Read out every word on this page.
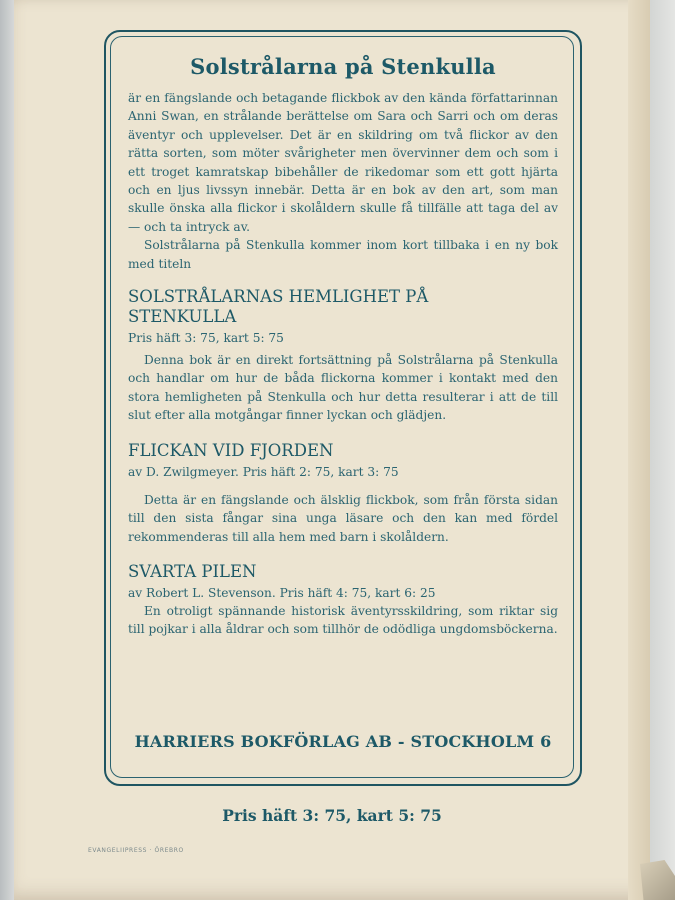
Solstrålarna på Stenkulla

är en fängslande och betagande flickbok av den kända författarinnan Anni Swan, en strålande berättelse om Sara och Sarri och om deras äventyr och upplevelser. Det är en skildring om två flickor av den rätta sorten, som möter svårigheter men övervinner dem och som i ett troget kamratskap bibehåller de rikedomar som ett gott hjärta och en ljus livssyn innebär. Detta är en bok av den art, som man skulle önska alla flickor i skolåldern skulle få tillfälle att taga del av — och ta intryck av.

Solstrålarna på Stenkulla kommer inom kort tillbaka i en ny bok med titeln

SOLSTRÅLARNAS HEMLIGHET PÅ STENKULLA
Pris häft 3: 75, kart 5: 75

Denna bok är en direkt fortsättning på Solstrålarna på Stenkulla och handlar om hur de båda flickorna kommer i kontakt med den stora hemligheten på Stenkulla och hur detta resulterar i att de till slut efter alla motgångar finner lyckan och glädjen.

FLICKAN VID FJORDEN
av D. Zwilgmeyer. Pris häft 2: 75, kart 3: 75

Detta är en fängslande och älsklig flickbok, som från första sidan till den sista fångar sina unga läsare och den kan med fördel rekommenderas till alla hem med barn i skolåldern.

SVARTA PILEN
av Robert L. Stevenson. Pris häft 4: 75, kart 6: 25

En otroligt spännande historisk äventyrsskildring, som riktar sig till pojkar i alla åldrar och som tillhör de odödliga ungdomsböckerna.

HARRIERS BOKFÖRLAG AB - STOCKHOLM 6
Pris häft 3: 75, kart 5: 75
EVANGELIIPRESS · ÖREBRO
